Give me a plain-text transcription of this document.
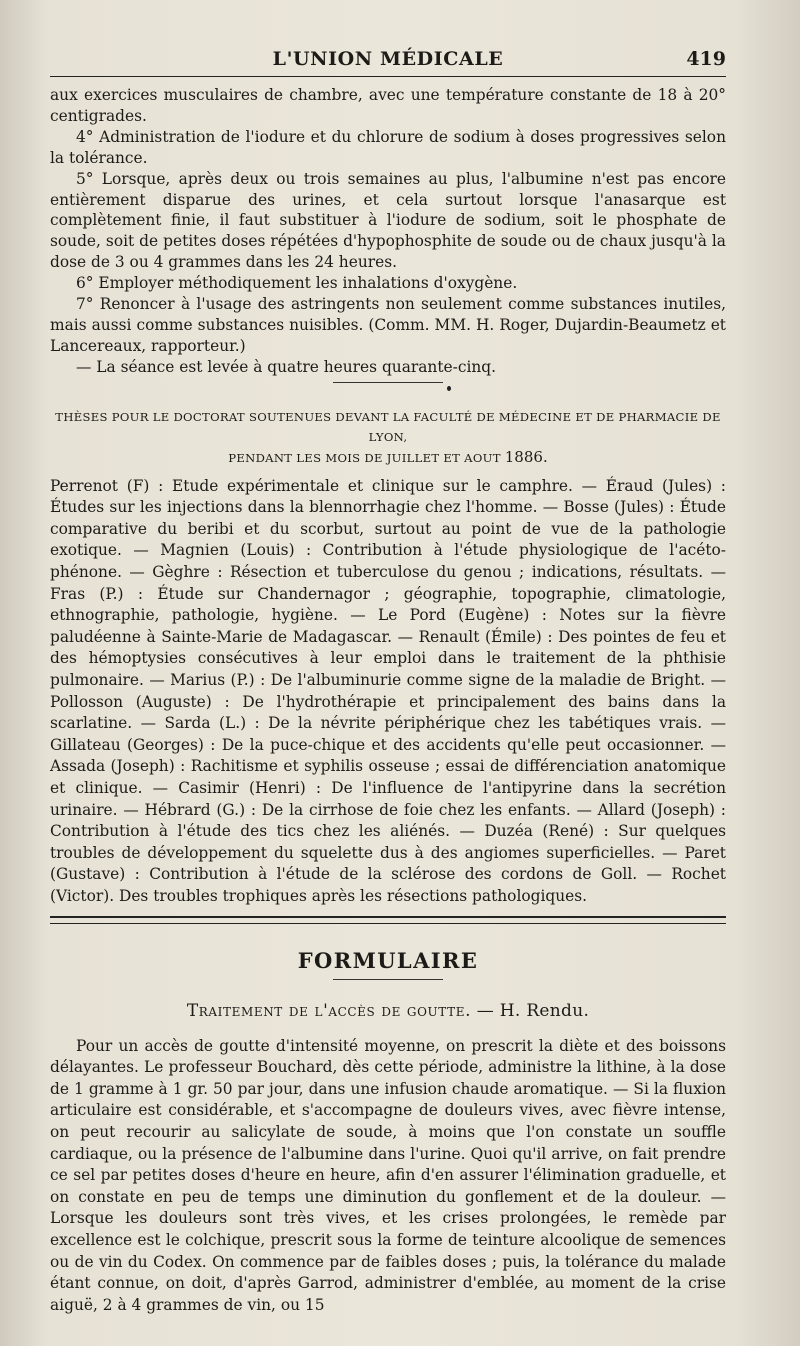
L'UNION MÉDICALE	419

aux exercices musculaires de chambre, avec une température constante de 18 à 20° centigrades.

4° Administration de l'iodure et du chlorure de sodium à doses progressives selon la tolérance.

5° Lorsque, après deux ou trois semaines au plus, l'albumine n'est pas encore entièrement disparue des urines, et cela surtout lorsque l'anasarque est complètement finie, il faut substituer à l'iodure de sodium, soit le phosphate de soude, soit de petites doses répétées d'hypophosphite de soude ou de chaux jusqu'à la dose de 3 ou 4 grammes dans les 24 heures.

6° Employer méthodiquement les inhalations d'oxygène.

7° Renoncer à l'usage des astringents non seulement comme substances inutiles, mais aussi comme substances nuisibles. (Comm. MM. H. Roger, Dujardin-Beaumetz et Lancereaux, rapporteur.)

— La séance est levée à quatre heures quarante-cinq.

THÈSES POUR LE DOCTORAT SOUTENUES DEVANT LA FACULTÉ DE MÉDECINE ET DE PHARMACIE DE LYON,
PENDANT LES MOIS DE JUILLET ET AOUT 1886.

Perrenot (F) : Etude expérimentale et clinique sur le camphre. — Éraud (Jules) : Études sur les injections dans la blennorrhagie chez l'homme. — Bosse (Jules) : Étude comparative du beribi et du scorbut, surtout au point de vue de la pathologie exotique. — Magnien (Louis) : Contribution à l'étude physiologique de l'acéto-phénone. — Gèghre : Résection et tuberculose du genou ; indications, résultats. — Fras (P.) : Étude sur Chandernagor ; géographie, topographie, climatologie, ethnographie, pathologie, hygiène. — Le Pord (Eugène) : Notes sur la fièvre paludéenne à Sainte-Marie de Madagascar. — Renault (Émile) : Des pointes de feu et des hémoptysies consécutives à leur emploi dans le traitement de la phthisie pulmonaire. — Marius (P.) : De l'albuminurie comme signe de la maladie de Bright. — Pollosson (Auguste) : De l'hydrothérapie et principalement des bains dans la scarlatine. — Sarda (L.) : De la névrite périphérique chez les tabétiques vrais. — Gillateau (Georges) : De la puce-chique et des accidents qu'elle peut occasionner. — Assada (Joseph) : Rachitisme et syphilis osseuse ; essai de différenciation anatomique et clinique. — Casimir (Henri) : De l'influence de l'antipyrine dans la secrétion urinaire. — Hébrard (G.) : De la cirrhose de foie chez les enfants. — Allard (Joseph) : Contribution à l'étude des tics chez les aliénés. — Duzéa (René) : Sur quelques troubles de développement du squelette dus à des angiomes superficielles. — Paret (Gustave) : Contribution à l'étude de la sclérose des cordons de Goll. — Rochet (Victor). Des troubles trophiques après les résections pathologiques.

FORMULAIRE
Traitement de l'accès de goutte. — H. Rendu.

Pour un accès de goutte d'intensité moyenne, on prescrit la diète et des boissons délayantes. Le professeur Bouchard, dès cette période, administre la lithine, à la dose de 1 gramme à 1 gr. 50 par jour, dans une infusion chaude aromatique. — Si la fluxion articulaire est considérable, et s'accompagne de douleurs vives, avec fièvre intense, on peut recourir au salicylate de soude, à moins que l'on constate un souffle cardiaque, ou la présence de l'albumine dans l'urine. Quoi qu'il arrive, on fait prendre ce sel par petites doses d'heure en heure, afin d'en assurer l'élimination graduelle, et on constate en peu de temps une diminution du gonflement et de la douleur. — Lorsque les douleurs sont très vives, et les crises prolongées, le remède par excellence est le colchique, prescrit sous la forme de teinture alcoolique de semences ou de vin du Codex. On commence par de faibles doses ; puis, la tolérance du malade étant connue, on doit, d'après Garrod, administrer d'emblée, au moment de la crise aiguë, 2 à 4 grammes de vin, ou 15
